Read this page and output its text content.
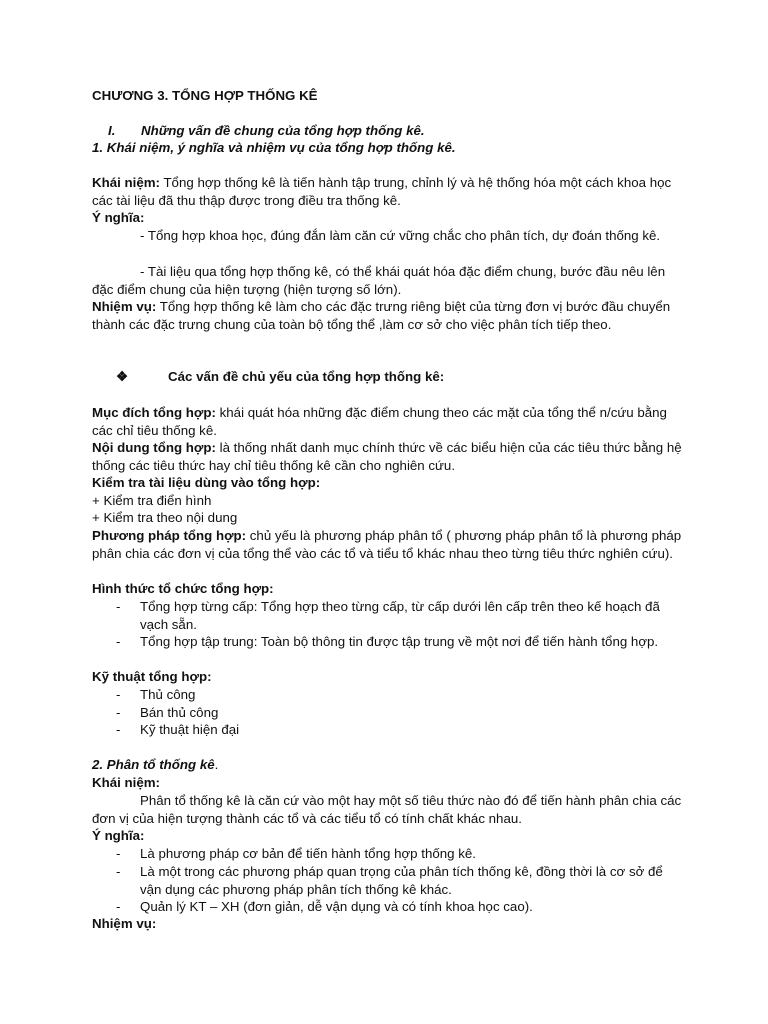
CHƯƠNG 3. TỔNG HỢP THỐNG KÊ
I. Những vấn đề chung của tổng hợp thống kê.
1. Khái niệm, ý nghĩa và nhiệm vụ của tổng hợp thống kê.
Khái niệm: Tổng hợp thống kê là tiến hành tập trung, chỉnh lý và hệ thống hóa một cách khoa học các tài liệu đã thu thập được trong điều tra thống kê.
Ý nghĩa:
- Tổng hợp khoa học, đúng đắn làm căn cứ vững chắc cho phân tích, dự đoán thống kê.
- Tài liệu qua tổng hợp thống kê, có thể khái quát hóa đặc điểm chung, bước đầu nêu lên đặc điểm chung của hiện tượng (hiện tượng số lớn).
Nhiệm vụ: Tổng hợp thống kê làm cho các đặc trưng riêng biệt của từng đơn vị bước đầu chuyển thành các đặc trưng chung của toàn bộ tổng thể ,làm cơ sở cho việc phân tích tiếp theo.
❖	Các vấn đề chủ yếu của tổng hợp thống kê:
Mục đích tổng hợp: khái quát hóa những đặc điểm chung theo các mặt của tổng thể n/cứu bằng các chỉ tiêu thống kê.
Nội dung tổng hợp: là thống nhất danh mục chính thức về các biểu hiện của các tiêu thức bằng hệ thống các tiêu thức hay chỉ tiêu thống kê cần cho nghiên cứu.
Kiểm tra tài liệu dùng vào tổng hợp:
+ Kiểm tra điển hình
+ Kiểm tra theo nội dung
Phương pháp tổng hợp: chủ yếu là phương pháp phân tổ ( phương pháp phân tổ là phương pháp phân chia các đơn vị của tổng thể vào các tổ và tiểu tổ khác nhau theo từng tiêu thức nghiên cứu).
Hình thức tổ chức tổng hợp:
-	Tổng hợp từng cấp: Tổng hợp theo từng cấp, từ cấp dưới lên cấp trên theo kế hoạch đã vạch sẵn.
-	Tổng hợp tập trung: Toàn bộ thông tin được tập trung về một nơi để tiến hành tổng hợp.
Kỹ thuật tổng hợp:
-	Thủ công
-	Bán thủ công
-	Kỹ thuật hiện đại
2. Phân tổ thống kê.
Khái niệm:
Phân tổ thống kê là căn cứ vào một hay một số tiêu thức nào đó để tiến hành phân chia các đơn vị của hiện tượng thành các tổ và các tiểu tổ có tính chất khác nhau.
Ý nghĩa:
-	Là phương pháp cơ bản để tiến hành tổng hợp thống kê.
-	Là một trong các phương pháp quan trọng của phân tích thống kê, đồng thời là cơ sở để vận dụng các phương pháp phân tích thống kê khác.
-	Quản lý KT – XH (đơn giản, dễ vận dụng và có tính khoa học cao).
Nhiệm vụ:
